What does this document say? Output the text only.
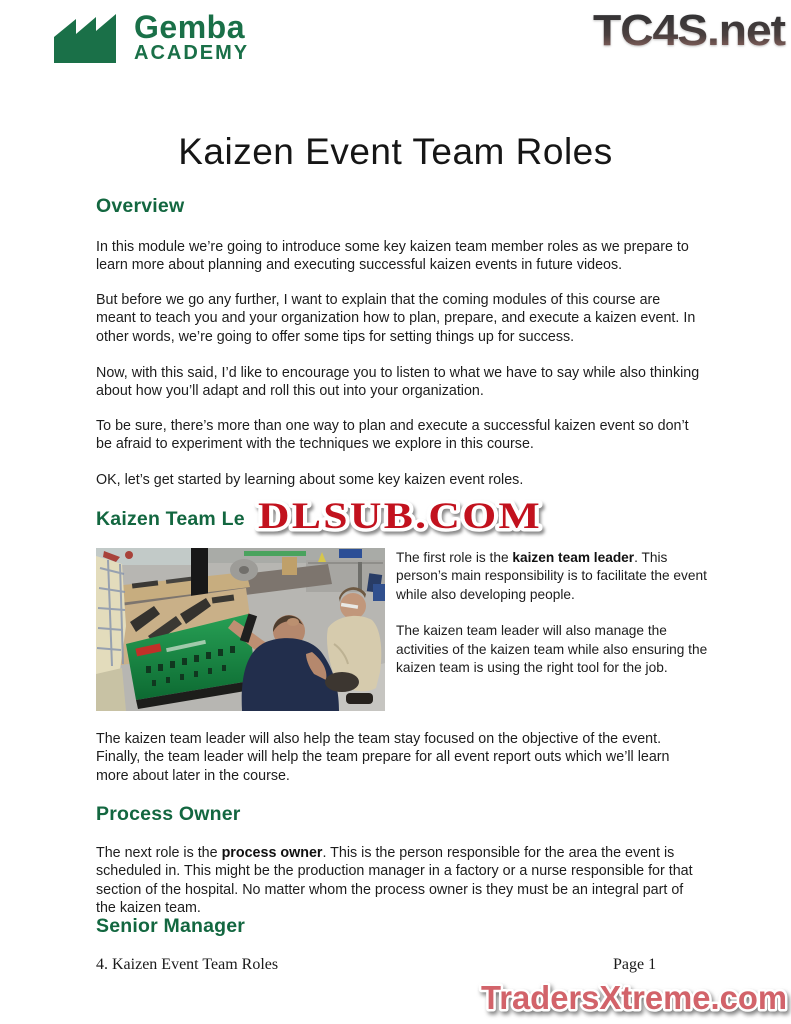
Gemba
ACADEMY	TC4S.net
Kaizen Event Team Roles
Overview

In this module we’re going to introduce some key kaizen team member roles as we prepare to learn more about planning and executing successful kaizen events in future videos.

But before we go any further, I want to explain that the coming modules of this course are meant to teach you and your organization how to plan, prepare, and execute a kaizen event. In other words, we’re going to offer some tips for setting things up for success.

Now, with this said, I’d like to encourage you to listen to what we have to say while also thinking about how you’ll adapt and roll this out into your organization.

To be sure, there’s more than one way to plan and execute a successful kaizen event so don’t be afraid to experiment with the techniques we explore in this course.

OK, let’s get started by learning about some key kaizen event roles.

Kaizen Team Le DLSUB.COM

The first role is the kaizen team leader. This person’s main responsibility is to facilitate the event while also developing people.

The kaizen team leader will also manage the activities of the kaizen team while also ensuring the kaizen team is using the right tool for the job.

The kaizen team leader will also help the team stay focused on the objective of the event. Finally, the team leader will help the team prepare for all event report outs which we’ll learn more about later in the course.

Process Owner

The next role is the process owner. This is the person responsible for the area the event is scheduled in. This might be the production manager in a factory or a nurse responsible for that section of the hospital. No matter whom the process owner is they must be an integral part of the kaizen team.

Senior Manager

4. Kaizen Event Team Roles	Page 1

TradersXtreme.com
